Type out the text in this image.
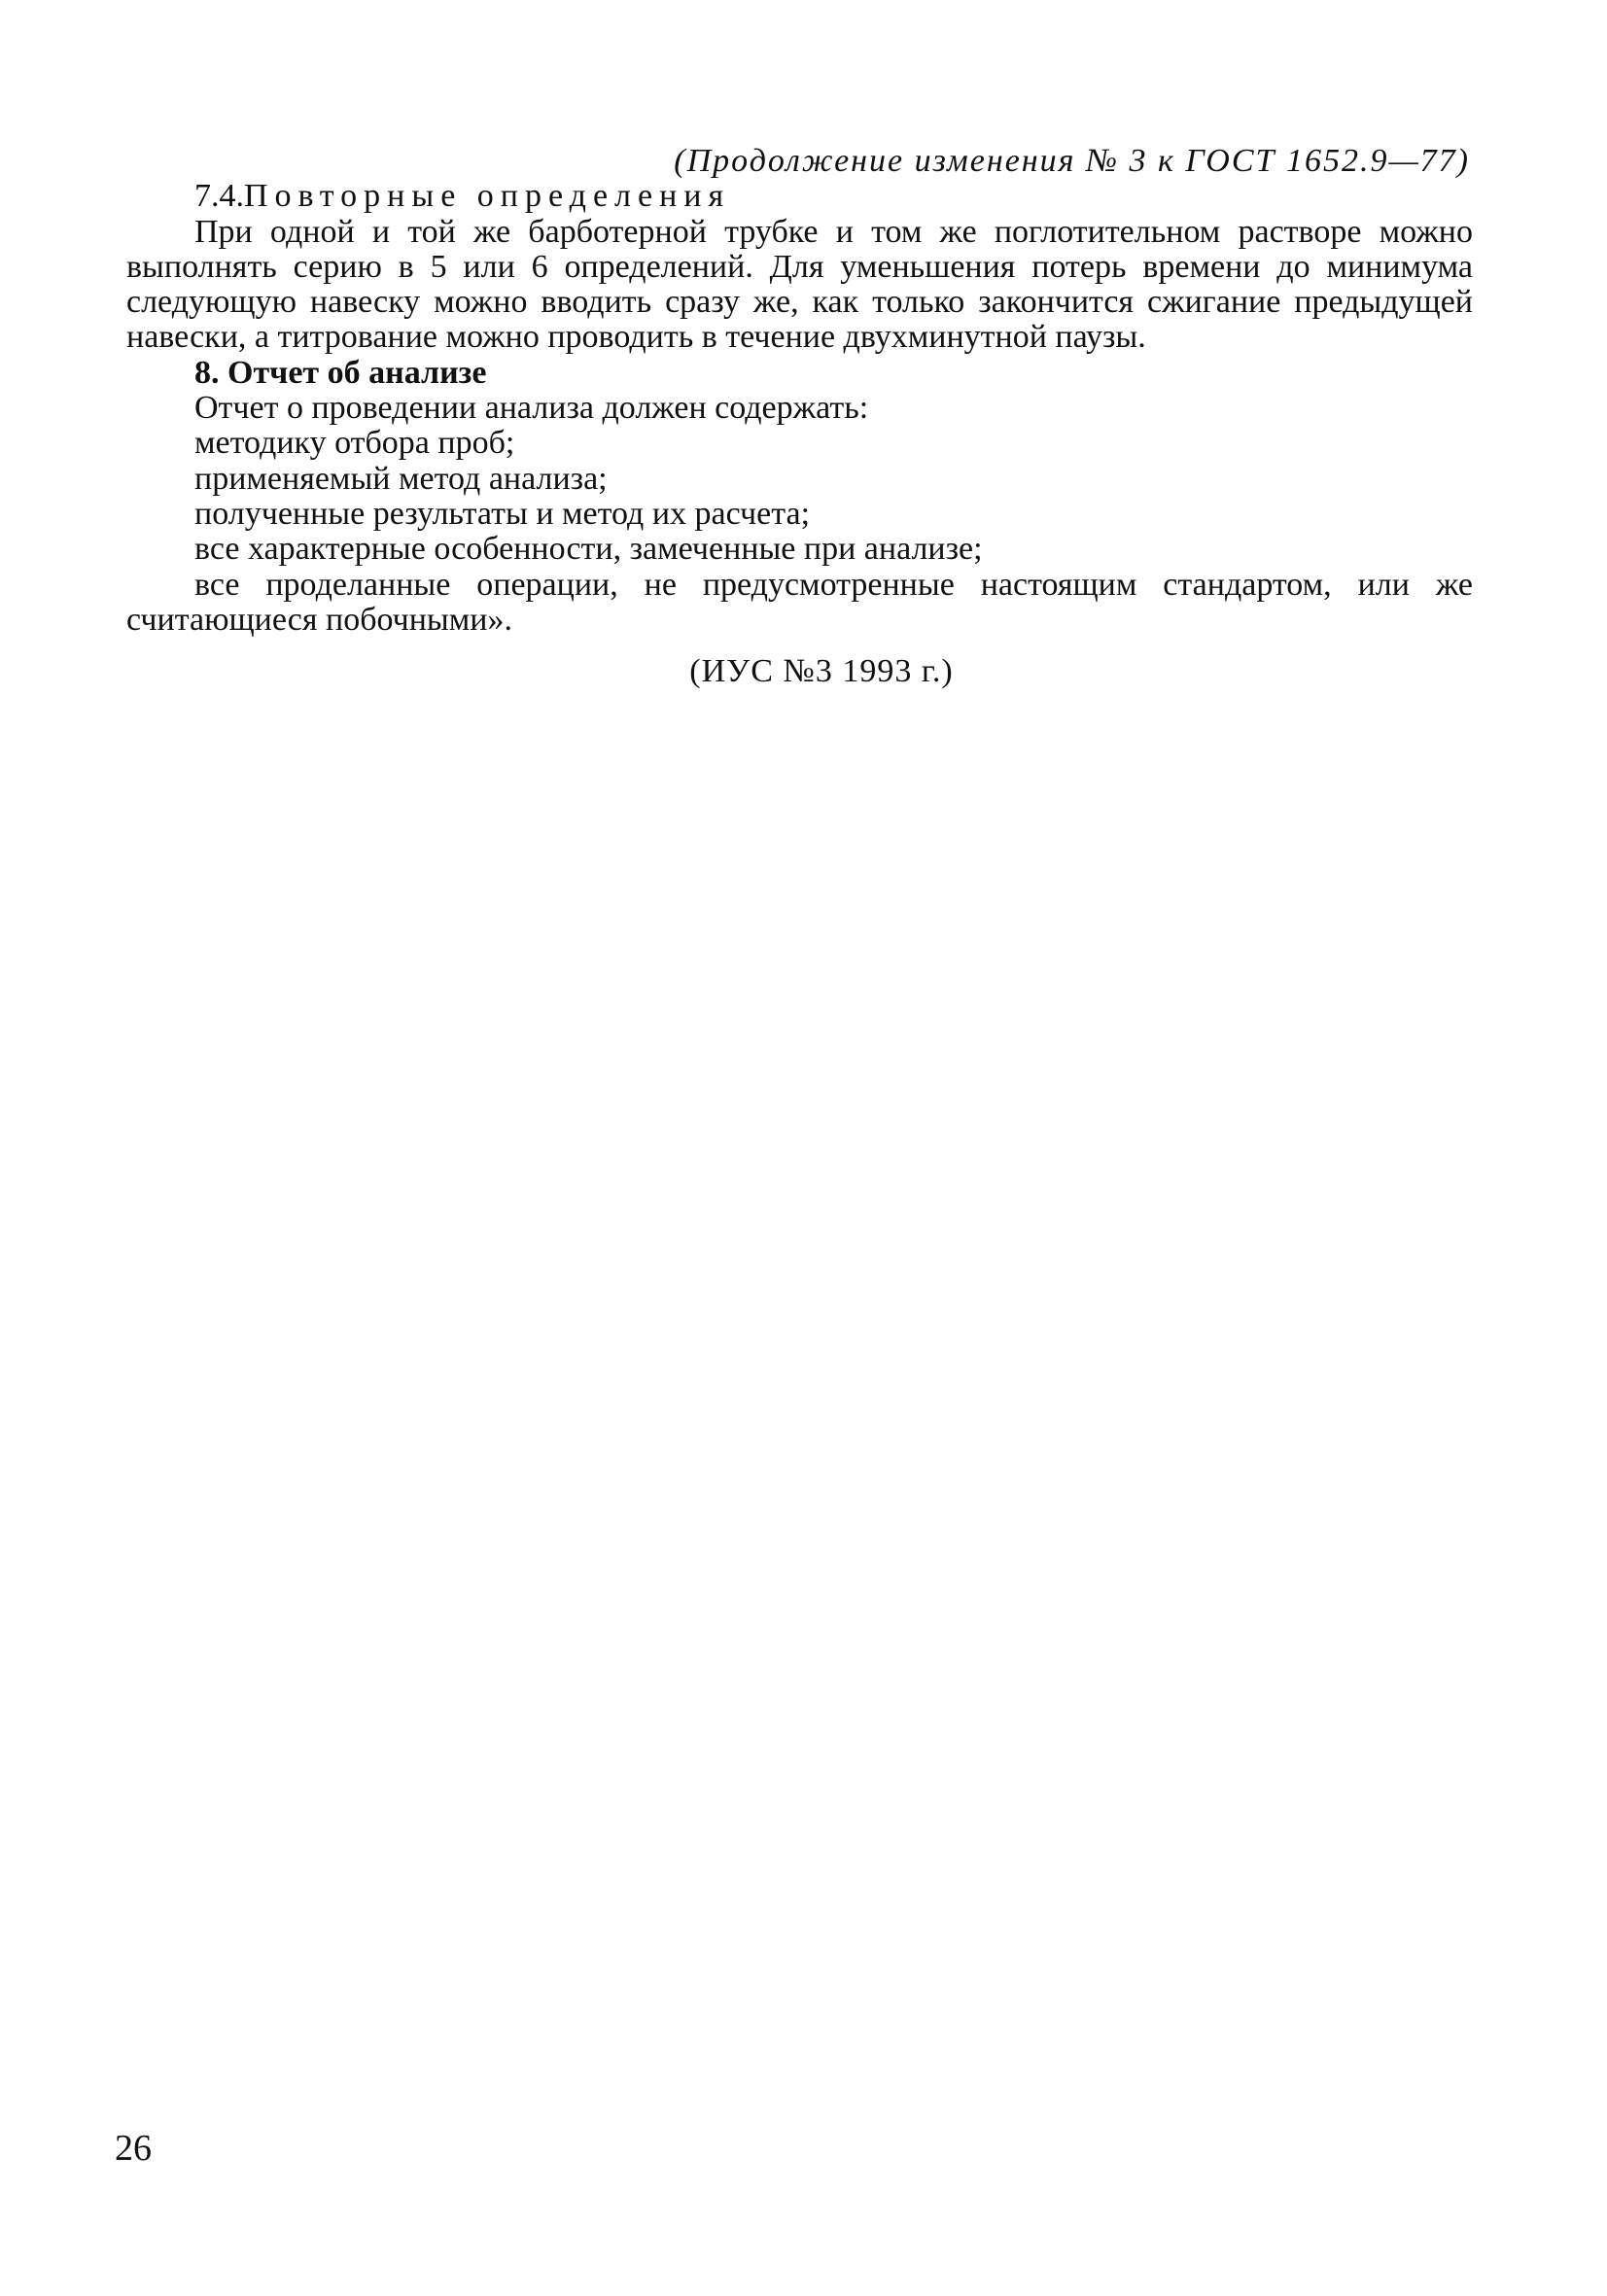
(Продолжение изменения № 3 к ГОСТ 1652.9—77)

7.4.Повторные определения

При одной и той же барботерной трубке и том же поглотительном растворе можно выполнять серию в 5 или 6 определений. Для уменьшения потерь времени до минимума следующую навеску можно вводить сразу же, как только закончится сжигание предыдущей навески, а титрование можно проводить в течение двухминутной паузы.

8. Отчет об анализе

Отчет о проведении анализа должен содержать:

методику отбора проб;

применяемый метод анализа;

полученные результаты и метод их расчета;

все характерные особенности, замеченные при анализе;

все проделанные операции, не предусмотренные настоящим стандартом, или же считающиеся побочными».

(ИУС №3 1993 г.)

26
